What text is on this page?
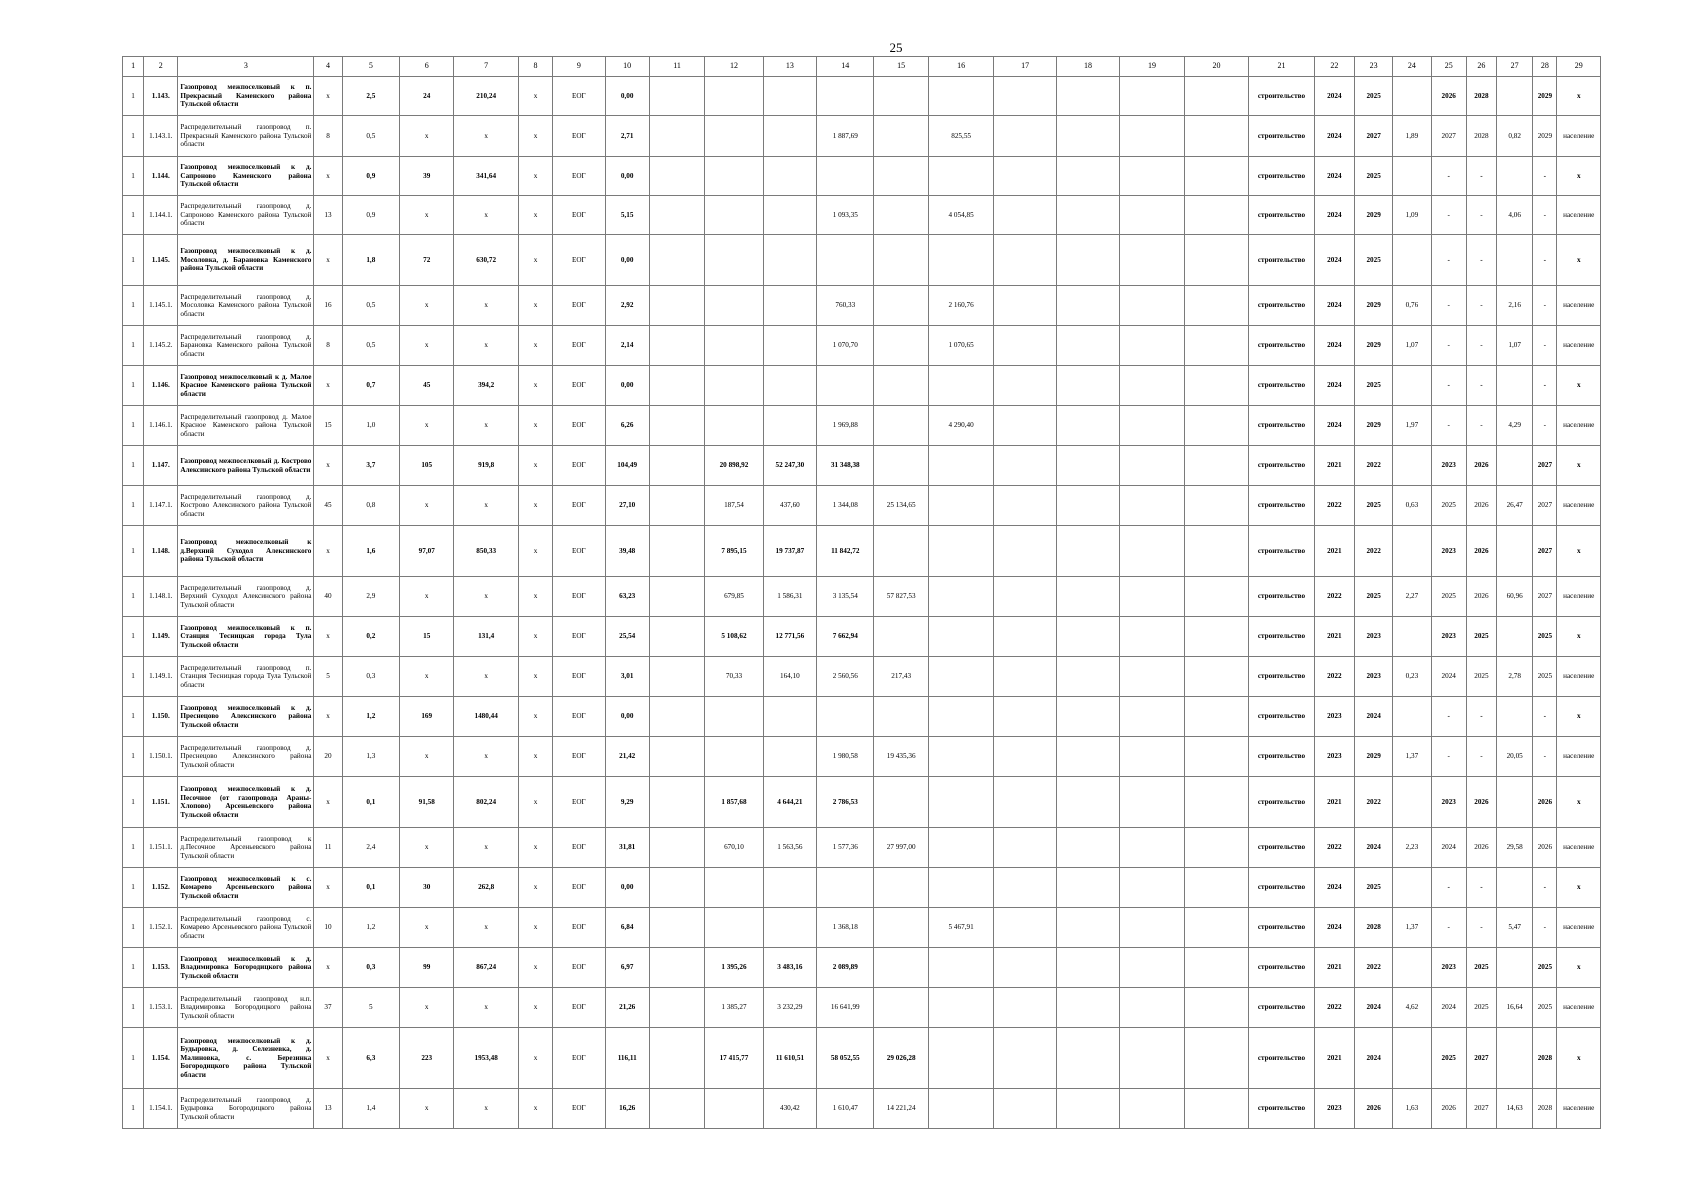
25
1	2	3	4	5	6	7	8	9	10	11	12	13	14	15	16	17	18	19	20	21	22	23	24	25	26	27	28	29
1	1.143.	Газопровод межпоселковый к п. Прекрасный Каменского района Тульской области	x	2,5	24	210,24	x	ЕОГ	0,00											строительство	2024	2025		2026	2028		2029	x
1	1.143.1.	Распределительный газопровод п. Прекрасный Каменского района Тульской области	8	0,5	x	x	x	ЕОГ	2,71				1 887,69		825,55					строительство	2024	2027	1,89	2027	2028	0,82	2029	население
1	1.144.	Газопровод межпоселковый к д. Сапроново Каменского района Тульской области	x	0,9	39	341,64	x	ЕОГ	0,00											строительство	2024	2025		-	-		-	x
1	1.144.1.	Распределительный газопровод д. Сапроново Каменского района Тульской области	13	0,9	x	x	x	ЕОГ	5,15				1 093,35		4 054,85					строительство	2024	2029	1,09	-	-	4,06	-	население
1	1.145.	Газопровод межпоселковый к д. Мосоловка, д. Барановка Каменского района Тульской области	x	1,8	72	630,72	x	ЕОГ	0,00											строительство	2024	2025		-	-		-	x
1	1.145.1.	Распределительный газопровод д. Мосоловка Каменского района Тульской области	16	0,5	x	x	x	ЕОГ	2,92				760,33		2 160,76					строительство	2024	2029	0,76	-	-	2,16	-	население
1	1.145.2.	Распределительный газопровод д. Барановка Каменского района Тульской области	8	0,5	x	x	x	ЕОГ	2,14				1 070,70		1 070,65					строительство	2024	2029	1,07	-	-	1,07	-	население
1	1.146.	Газопровод межпоселковый к д. Малое Красное Каменского района Тульской области	x	0,7	45	394,2	x	ЕОГ	0,00											строительство	2024	2025		-	-		-	x
1	1.146.1.	Распределительный газопровод д. Малое Красное Каменского района Тульской области	15	1,0	x	x	x	ЕОГ	6,26				1 969,88		4 290,40					строительство	2024	2029	1,97	-	-	4,29	-	население
1	1.147.	Газопровод межпоселковый д. Кострово Алексинского района Тульской области	x	3,7	105	919,8	x	ЕОГ	104,49		20 898,92	52 247,30	31 348,38							строительство	2021	2022		2023	2026		2027	x
1	1.147.1.	Распределительный газопровод д. Кострово Алексинского района Тульской области	45	0,8	x	x	x	ЕОГ	27,10		187,54	437,60	1 344,08	25 134,65						строительство	2022	2025	0,63	2025	2026	26,47	2027	население
1	1.148.	Газопровод межпоселковый к д.Верхний Суходол Алексинского района Тульской области	x	1,6	97,07	850,33	x	ЕОГ	39,48		7 895,15	19 737,87	11 842,72							строительство	2021	2022		2023	2026		2027	x
1	1.148.1.	Распределительный газопровод д. Верхний Суходол Алексинского района Тульской области	40	2,9	x	x	x	ЕОГ	63,23		679,85	1 586,31	3 135,54	57 827,53						строительство	2022	2025	2,27	2025	2026	60,96	2027	население
1	1.149.	Газопровод межпоселковый к п. Станция Тесницкая города Тула Тульской области	x	0,2	15	131,4	x	ЕОГ	25,54		5 108,62	12 771,56	7 662,94							строительство	2021	2023		2023	2025		2025	x
1	1.149.1.	Распределительный газопровод п. Станция Тесницкая города Тула Тульской области	5	0,3	x	x	x	ЕОГ	3,01		70,33	164,10	2 560,56	217,43						строительство	2022	2023	0,23	2024	2025	2,78	2025	население
1	1.150.	Газопровод межпоселковый к д. Преснецово Алексинского района Тульской области	x	1,2	169	1480,44	x	ЕОГ	0,00											строительство	2023	2024		-	-		-	x
1	1.150.1.	Распределительный газопровод д. Преснецово Алексинского района Тульской области	20	1,3	x	x	x	ЕОГ	21,42				1 980,58	19 435,36						строительство	2023	2029	1,37	-	-	20,05	-	население
1	1.151.	Газопровод межпоселковый к д. Песочное (от газопровода Араны-Хлопово) Арсеньевского района Тульской области	x	0,1	91,58	802,24	x	ЕОГ	9,29		1 857,68	4 644,21	2 786,53							строительство	2021	2022		2023	2026		2026	x
1	1.151.1.	Распределительный газопровод к д.Песочное Арсеньевского района Тульской области	11	2,4	x	x	x	ЕОГ	31,81		670,10	1 563,56	1 577,36	27 997,00						строительство	2022	2024	2,23	2024	2026	29,58	2026	население
1	1.152.	Газопровод межпоселковый к с. Комарево Арсеньевского района Тульской области	x	0,1	30	262,8	x	ЕОГ	0,00											строительство	2024	2025		-	-		-	x
1	1.152.1.	Распределительный газопровод с. Комарево Арсеньевского района Тульской области	10	1,2	x	x	x	ЕОГ	6,84				1 368,18		5 467,91					строительство	2024	2028	1,37	-	-	5,47	-	население
1	1.153.	Газопровод межпоселковый к д. Владимировка Богородицкого района Тульской области	x	0,3	99	867,24	x	ЕОГ	6,97		1 395,26	3 483,16	2 089,89							строительство	2021	2022		2023	2025		2025	x
1	1.153.1.	Распределительный газопровод н.п. Владимировка Богородицкого района Тульской области	37	5	x	x	x	ЕОГ	21,26		1 385,27	3 232,29	16 641,99							строительство	2022	2024	4,62	2024	2025	16,64	2025	население
1	1.154.	Газопровод межпоселковый к д. Будыровка, д. Селезневка, д. Малиновка, с. Березинка Богородицкого района Тульской области	x	6,3	223	1953,48	x	ЕОГ	116,11		17 415,77	11 610,51	58 052,55	29 026,28						строительство	2021	2024		2025	2027		2028	x
1	1.154.1.	Распределительный газопровод д. Будыровка Богородицкого района Тульской области	13	1,4	x	x	x	ЕОГ	16,26			430,42	1 610,47	14 221,24						строительство	2023	2026	1,63	2026	2027	14,63	2028	население
